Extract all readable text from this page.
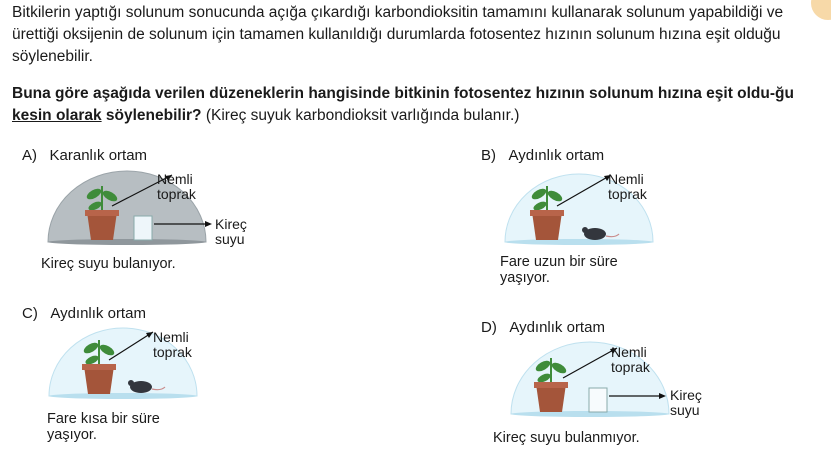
Bitkilerin yaptığı solunum sonucunda açığa çıkardığı karbondioksitin tamamını kullanarak solunum yapabildiği ve ürettiği oksijenin de solunum için tamamen kullanıldığı durumlarda fotosentez hızının solunum hızına eşit olduğu söylenebilir.
Buna göre aşağıda verilen düzeneklerin hangisinde bitkinin fotosentez hızının solunum hızına eşit oldu-ğu kesin olarak söylenebilir? (Kireç suyuk karbondioksit varlığında bulanır.)
A) Karanlık ortam
Nemli
toprak
Kireç
suyu
Kireç suyu bulanıyor.
B) Aydınlık ortam
Nemli
toprak
Fare uzun bir süre
yaşıyor.
C) Aydınlık ortam
Nemli
toprak
Fare kısa bir süre
yaşıyor.
D) Aydınlık ortam
Nemli
toprak
Kireç
suyu
Kireç suyu bulanmıyor.
